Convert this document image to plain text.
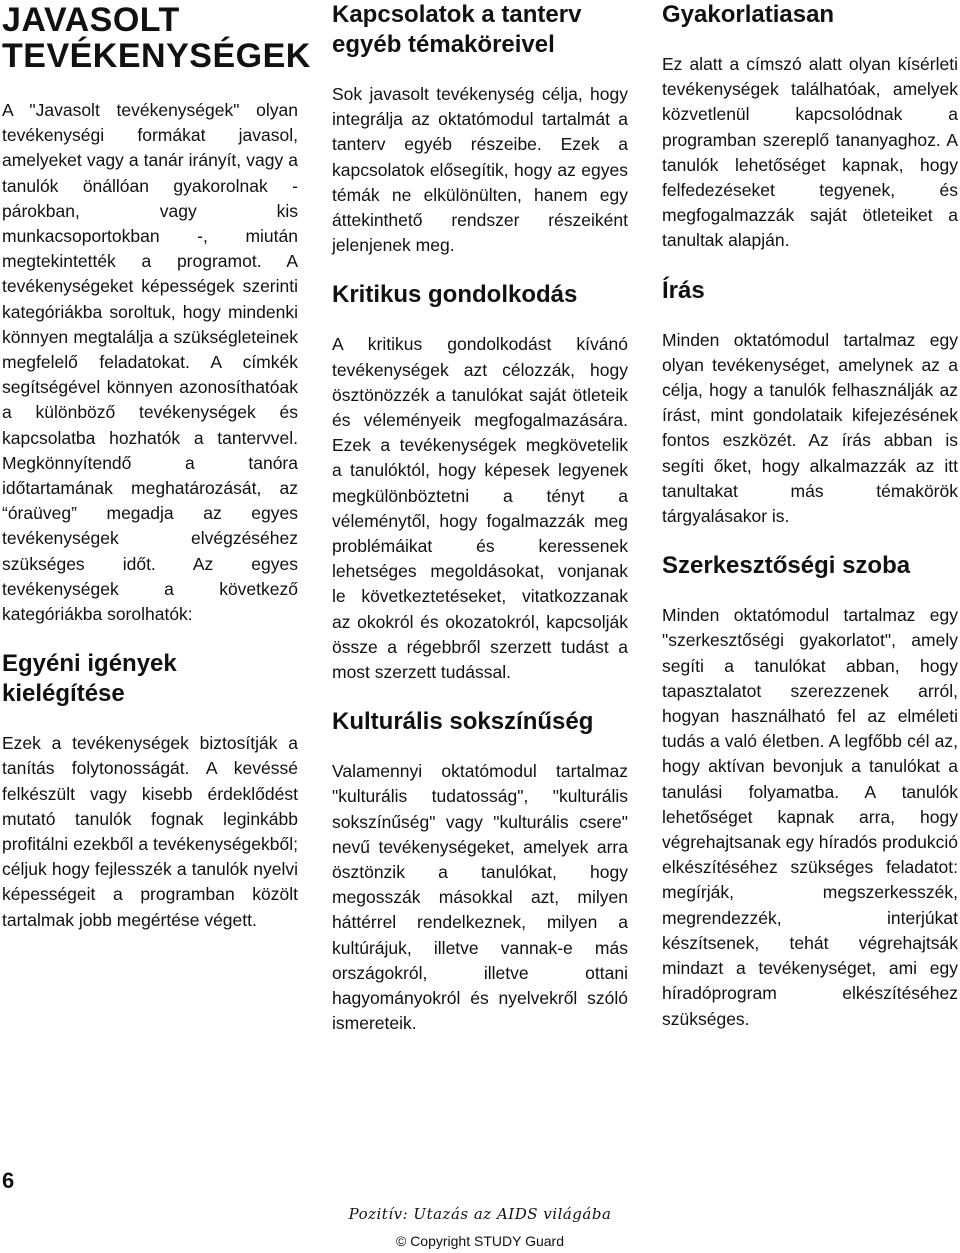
JAVASOLT
TEVÉKENYSÉGEK

A "Javasolt tevékenységek" olyan tevékenységi formákat javasol, amelyeket vagy a tanár irányít, vagy a tanulók önállóan gyakorolnak - párokban, vagy kis munkacsoportokban -, miután megtekintették a programot. A tevékenységeket képességek szerinti kategóriákba soroltuk, hogy mindenki könnyen megtalálja a szükségleteinek megfelelő feladatokat. A címkék segítségével könnyen azonosíthatóak a különböző tevékenységek és kapcsolatba hozhatók a tantervvel. Megkönnyítendő a tanóra időtartamának meghatározását, az “óraüveg” megadja az egyes tevékenységek elvégzéséhez szükséges időt. Az egyes tevékenységek a következő kategóriákba sorolhatók:

Egyéni igények kielégítése

Ezek a tevékenységek biztosítják a tanítás folytonosságát. A kevéssé felkészült vagy kisebb érdeklődést mutató tanulók fognak leginkább profitálni ezekből a tevékenységekből; céljuk hogy fejlesszék a tanulók nyelvi képességeit a programban közölt tartalmak jobb megértése végett.

Kapcsolatok a tanterv egyéb témaköreivel

Sok javasolt tevékenység célja, hogy integrálja az oktatómodul tartalmát a tanterv egyéb részeibe. Ezek a kapcsolatok elősegítik, hogy az egyes témák ne elkülönülten, hanem egy áttekinthető rendszer részeiként jelenjenek meg.

Kritikus gondolkodás

A kritikus gondolkodást kívánó tevékenységek azt célozzák, hogy ösztönözzék a tanulókat saját ötleteik és véleményeik megfogalmazására. Ezek a tevékenységek megkövetelik a tanulóktól, hogy képesek legyenek megkülönböztetni a tényt a véleménytől, hogy fogalmazzák meg problémáikat és keressenek lehetséges megoldásokat, vonjanak le következtetéseket, vitatkozzanak az okokról és okozatokról, kapcsolják össze a régebbről szerzett tudást a most szerzett tudással.

Kulturális sokszínűség

Valamennyi oktatómodul tartalmaz "kulturális tudatosság", "kulturális sokszínűség" vagy "kulturális csere" nevű tevékenységeket, amelyek arra ösztönzik a tanulókat, hogy megosszák másokkal azt, milyen háttérrel rendelkeznek, milyen a kultúrájuk, illetve vannak-e más országokról, illetve ottani hagyományokról és nyelvekről szóló ismereteik.

Gyakorlatiasan

Ez alatt a címszó alatt olyan kísérleti tevékenységek találhatóak, amelyek közvetlenül kapcsolódnak a programban szereplő tananyaghoz. A tanulók lehetőséget kapnak, hogy felfedezéseket tegyenek, és megfogalmazzák saját ötleteiket a tanultak alapján.

Írás

Minden oktatómodul tartalmaz egy olyan tevékenységet, amelynek az a célja, hogy a tanulók felhasználják az írást, mint gondolataik kifejezésének fontos eszközét. Az írás abban is segíti őket, hogy alkalmazzák az itt tanultakat más témakörök tárgyalásakor is.

Szerkesztőségi szoba

Minden oktatómodul tartalmaz egy "szerkesztőségi gyakorlatot", amely segíti a tanulókat abban, hogy tapasztalatot szerezzenek arról, hogyan használható fel az elméleti tudás a való életben. A legfőbb cél az, hogy aktívan bevonjuk a tanulókat a tanulási folyamatba. A tanulók lehetőséget kapnak arra, hogy végrehajtsanak egy híradós produkció elkészítéséhez szükséges feladatot: megírják, megszerkesszék, megrendezzék, interjúkat készítsenek, tehát végrehajtsák mindazt a tevékenységet, ami egy híradóprogram elkészítéséhez szükséges.

6
Pozitív: Utazás az AIDS világába
© Copyright STUDY Guard
